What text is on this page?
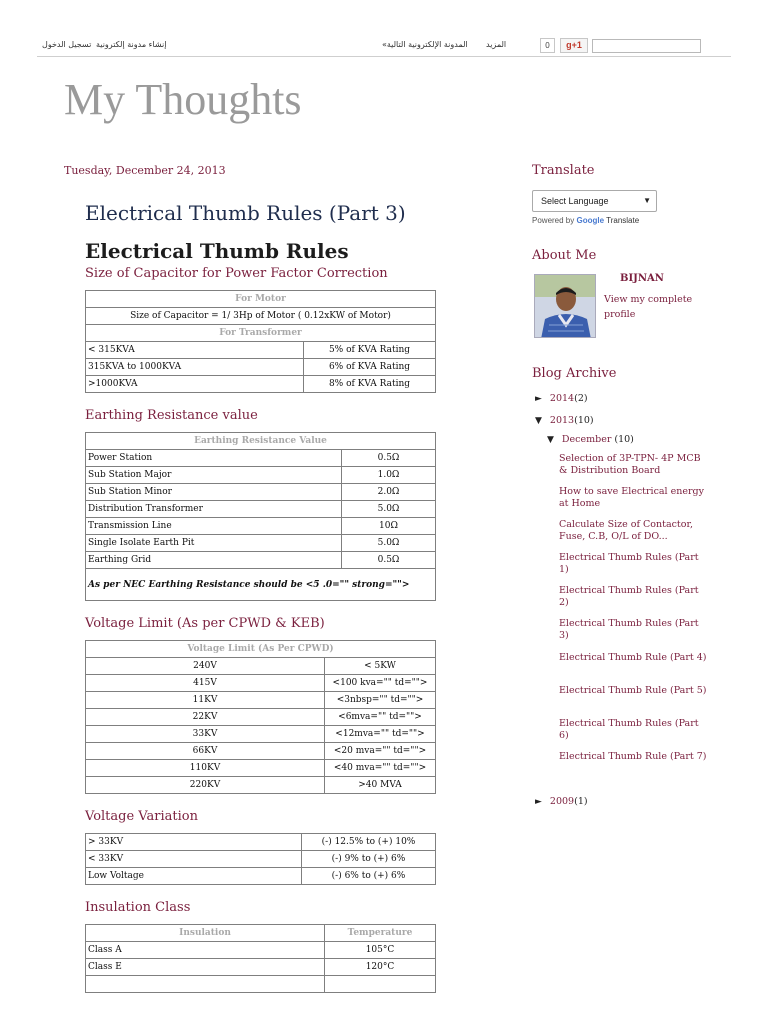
g+1
0
المزيد
المدونة الإلكترونية التالية»
إنشاء مدونة إلكترونية
تسجيل الدخول
My Thoughts
Tuesday, December 24, 2013
Electrical Thumb Rules (Part 3)
Electrical Thumb Rules
Size of Capacitor for Power Factor Correction
For Motor	
Size of Capacitor = 1/ 3Hp of Motor ( 0.12xKW of Motor)	
For Transformer	
< 315KVA	5% of KVA Rating
315KVA to 1000KVA	6% of KVA Rating
>1000KVA	8% of KVA Rating
Earthing Resistance value
Earthing Resistance Value	
Power Station	0.5Ω
Sub Station Major	1.0Ω
Sub Station Minor	2.0Ω
Distribution Transformer	5.0Ω
Transmission Line	10Ω
Single Isolate Earth Pit	5.0Ω
Earthing Grid	0.5Ω
As per NEC Earthing Resistance should be <5 .0="" strong="">	
Voltage Limit (As per CPWD & KEB)
Voltage Limit (As Per CPWD)	
240V	< 5KW
415V	<100 kva="" td="">
11KV	<3nbsp="" td="">
22KV	<6mva="" td="">
33KV	<12mva="" td="">
66KV	<20 mva="" td="">
110KV	<40 mva="" td="">
220KV	>40 MVA
Voltage Variation
> 33KV	(-) 12.5% to (+) 10%
< 33KV	(-) 9% to (+) 6%
Low Voltage	(-) 6% to (+) 6%
Insulation Class
Insulation	Temperature
Class A	105°C
Class E	120°C

Translate
Select Language	▼
Powered by Google Translate
About Me
BIJNAN
View my complete profile
Blog Archive
► 2014(2)
▼ 2013(10)
▼ December (10)
Selection of 3P-TPN- 4P MCB & Distribution Board
How to save Electrical energy at Home
Calculate Size of Contactor, Fuse, C.B, O/L of DO...
Electrical Thumb Rules (Part 1)
Electrical Thumb Rules (Part 2)
Electrical Thumb Rules (Part 3)
Electrical Thumb Rule (Part 4)
Electrical Thumb Rule (Part 5)
Electrical Thumb Rules (Part 6)
Electrical Thumb Rule (Part 7)
► 2009(1)
